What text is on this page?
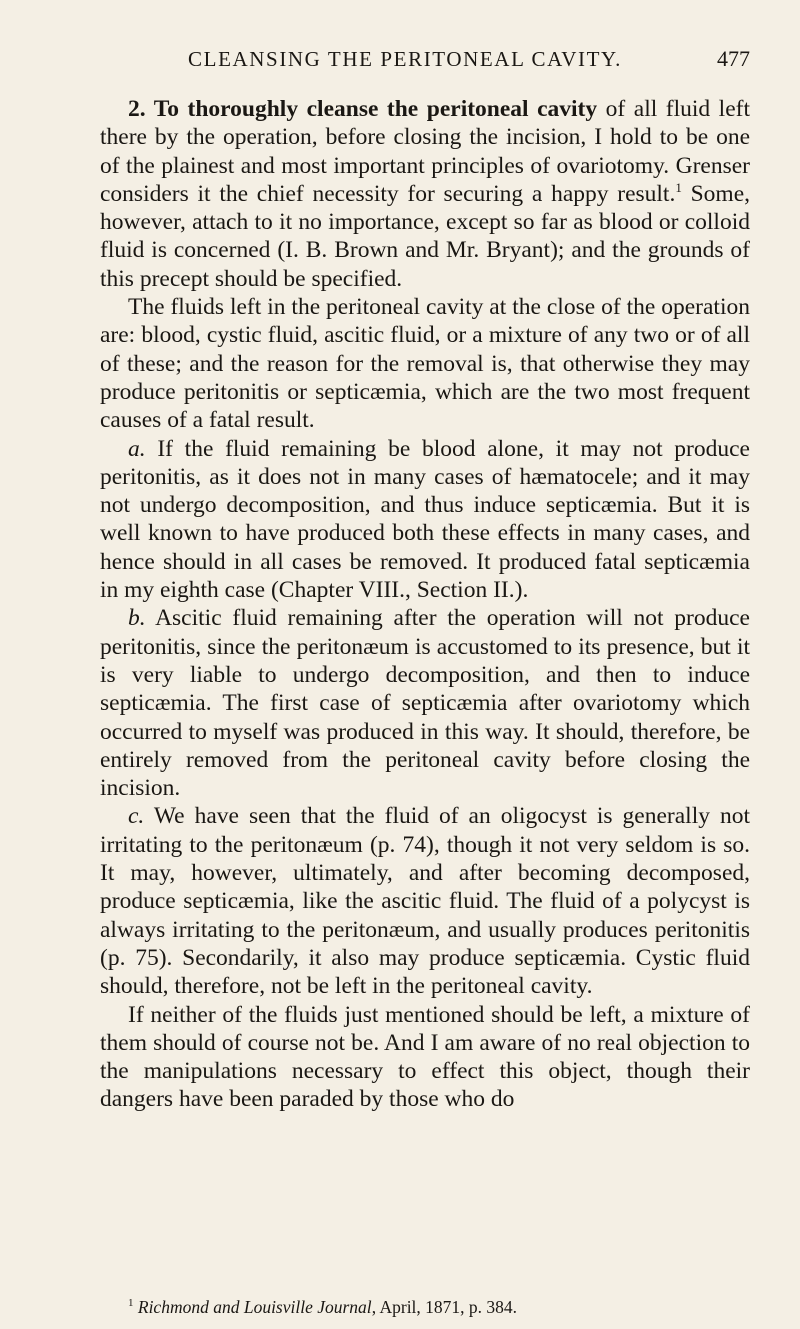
CLEANSING THE PERITONEAL CAVITY.	477

2. To thoroughly cleanse the peritoneal cavity of all fluid left there by the operation, before closing the incision, I hold to be one of the plainest and most important principles of ovariotomy. Grenser considers it the chief necessity for securing a happy result.$^1$ Some, however, attach to it no importance, except so far as blood or colloid fluid is concerned (I. B. Brown and Mr. Bryant); and the grounds of this precept should be specified.

The fluids left in the peritoneal cavity at the close of the operation are: blood, cystic fluid, ascitic fluid, or a mixture of any two or of all of these; and the reason for the removal is, that otherwise they may produce peritonitis or septicæmia, which are the two most frequent causes of a fatal result.

a. If the fluid remaining be blood alone, it may not produce peritonitis, as it does not in many cases of hæmatocele; and it may not undergo decomposition, and thus induce septicæmia. But it is well known to have produced both these effects in many cases, and hence should in all cases be removed. It produced fatal septicæmia in my eighth case (Chapter VIII., Section II.).

b. Ascitic fluid remaining after the operation will not produce peritonitis, since the peritonæum is accustomed to its presence, but it is very liable to undergo decomposition, and then to induce septicæmia. The first case of septicæmia after ovariotomy which occurred to myself was produced in this way. It should, therefore, be entirely removed from the peritoneal cavity before closing the incision.

c. We have seen that the fluid of an oligocyst is generally not irritating to the peritonæum (p. 74), though it not very seldom is so. It may, however, ultimately, and after becoming decomposed, produce septicæmia, like the ascitic fluid. The fluid of a polycyst is always irritating to the peritonæum, and usually produces peritonitis (p. 75). Secondarily, it also may produce septicæmia. Cystic fluid should, therefore, not be left in the peritoneal cavity.

If neither of the fluids just mentioned should be left, a mixture of them should of course not be. And I am aware of no real objection to the manipulations necessary to effect this object, though their dangers have been paraded by those who do

$^1$ Richmond and Louisville Journal, April, 1871, p. 384.
